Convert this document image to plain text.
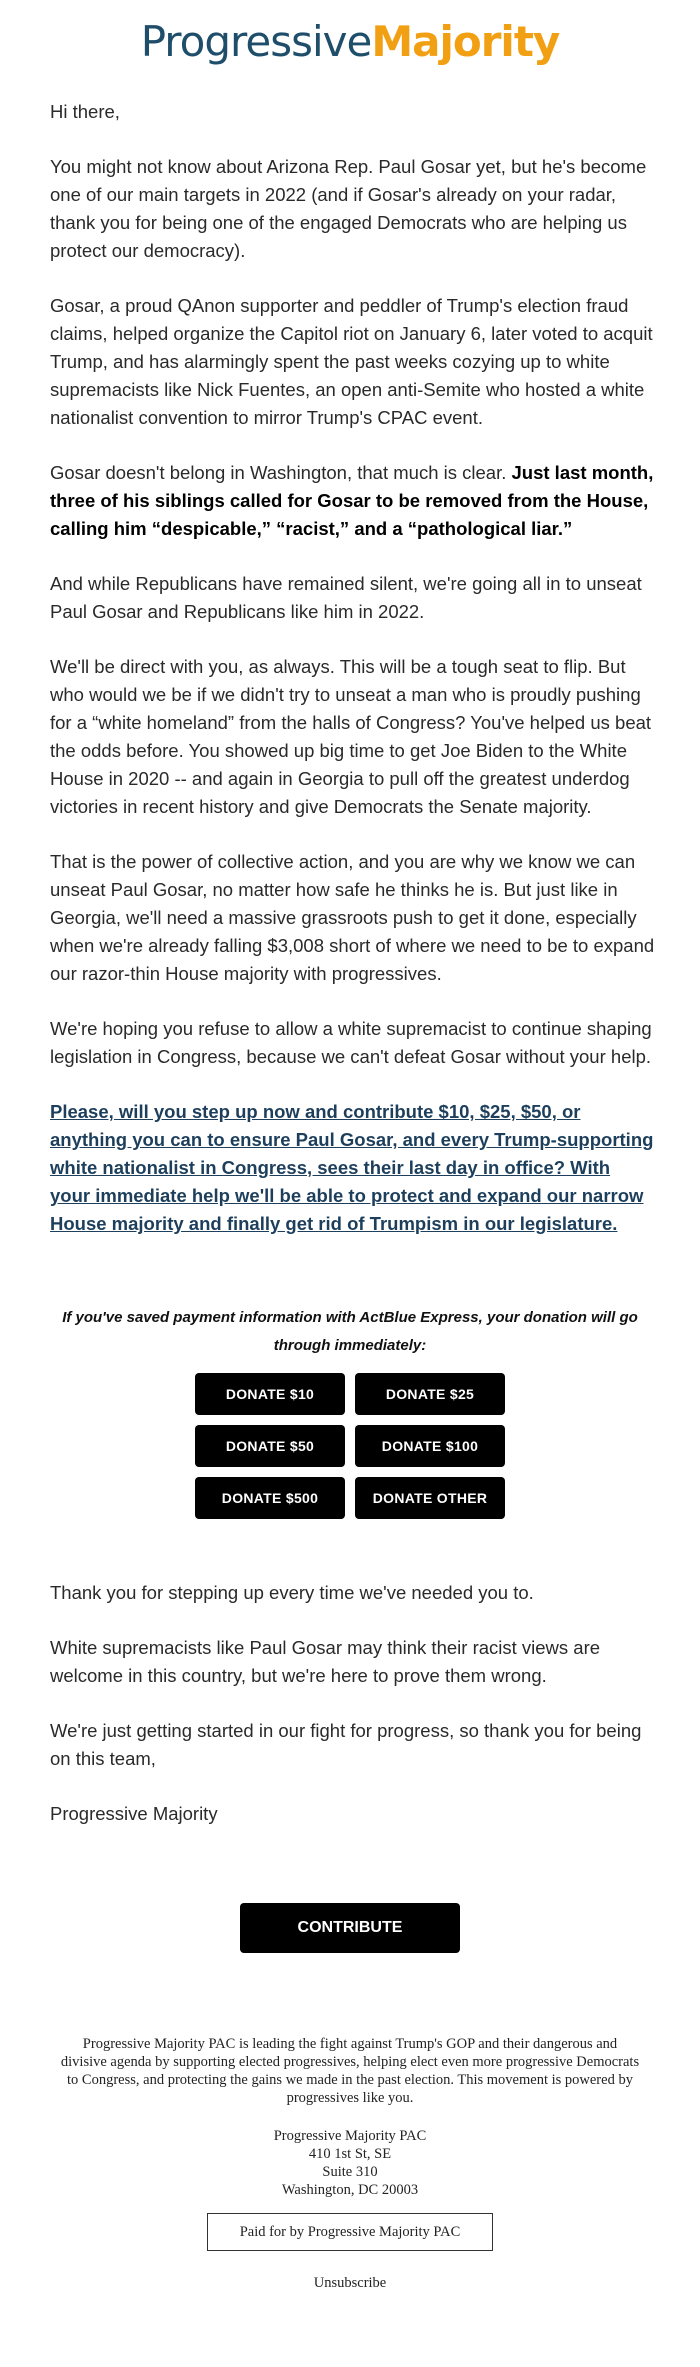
ProgressiveMajority

Hi there,

You might not know about Arizona Rep. Paul Gosar yet, but he's become one of our main targets in 2022 (and if Gosar's already on your radar, thank you for being one of the engaged Democrats who are helping us protect our democracy).

Gosar, a proud QAnon supporter and peddler of Trump's election fraud claims, helped organize the Capitol riot on January 6, later voted to acquit Trump, and has alarmingly spent the past weeks cozying up to white supremacists like Nick Fuentes, an open anti-Semite who hosted a white nationalist convention to mirror Trump's CPAC event.

Gosar doesn't belong in Washington, that much is clear. Just last month, three of his siblings called for Gosar to be removed from the House, calling him “despicable,” “racist,” and a “pathological liar.”

And while Republicans have remained silent, we're going all in to unseat Paul Gosar and Republicans like him in 2022.

We'll be direct with you, as always. This will be a tough seat to flip. But who would we be if we didn't try to unseat a man who is proudly pushing for a “white homeland” from the halls of Congress? You've helped us beat the odds before. You showed up big time to get Joe Biden to the White House in 2020 -- and again in Georgia to pull off the greatest underdog victories in recent history and give Democrats the Senate majority.

That is the power of collective action, and you are why we know we can unseat Paul Gosar, no matter how safe he thinks he is. But just like in Georgia, we'll need a massive grassroots push to get it done, especially when we're already falling $3,008 short of where we need to be to expand our razor-thin House majority with progressives.

We're hoping you refuse to allow a white supremacist to continue shaping legislation in Congress, because we can't defeat Gosar without your help.

Please, will you step up now and contribute $10, $25, $50, or anything you can to ensure Paul Gosar, and every Trump-supporting white nationalist in Congress, sees their last day in office? With your immediate help we'll be able to protect and expand our narrow House majority and finally get rid of Trumpism in our legislature.
If you've saved payment information with ActBlue Express, your donation will go through immediately:
DONATE $10	DONATE $25
DONATE $50	DONATE $100
DONATE $500	DONATE OTHER

Thank you for stepping up every time we've needed you to.

White supremacists like Paul Gosar may think their racist views are welcome in this country, but we're here to prove them wrong.

We're just getting started in our fight for progress, so thank you for being on this team,

Progressive Majority

CONTRIBUTE
Progressive Majority PAC is leading the fight against Trump's GOP and their dangerous and divisive agenda by supporting elected progressives, helping elect even more progressive Democrats to Congress, and protecting the gains we made in the past election. This movement is powered by progressives like you.
Progressive Majority PAC
410 1st St, SE
Suite 310
Washington, DC 20003
Paid for by Progressive Majority PAC
Unsubscribe
